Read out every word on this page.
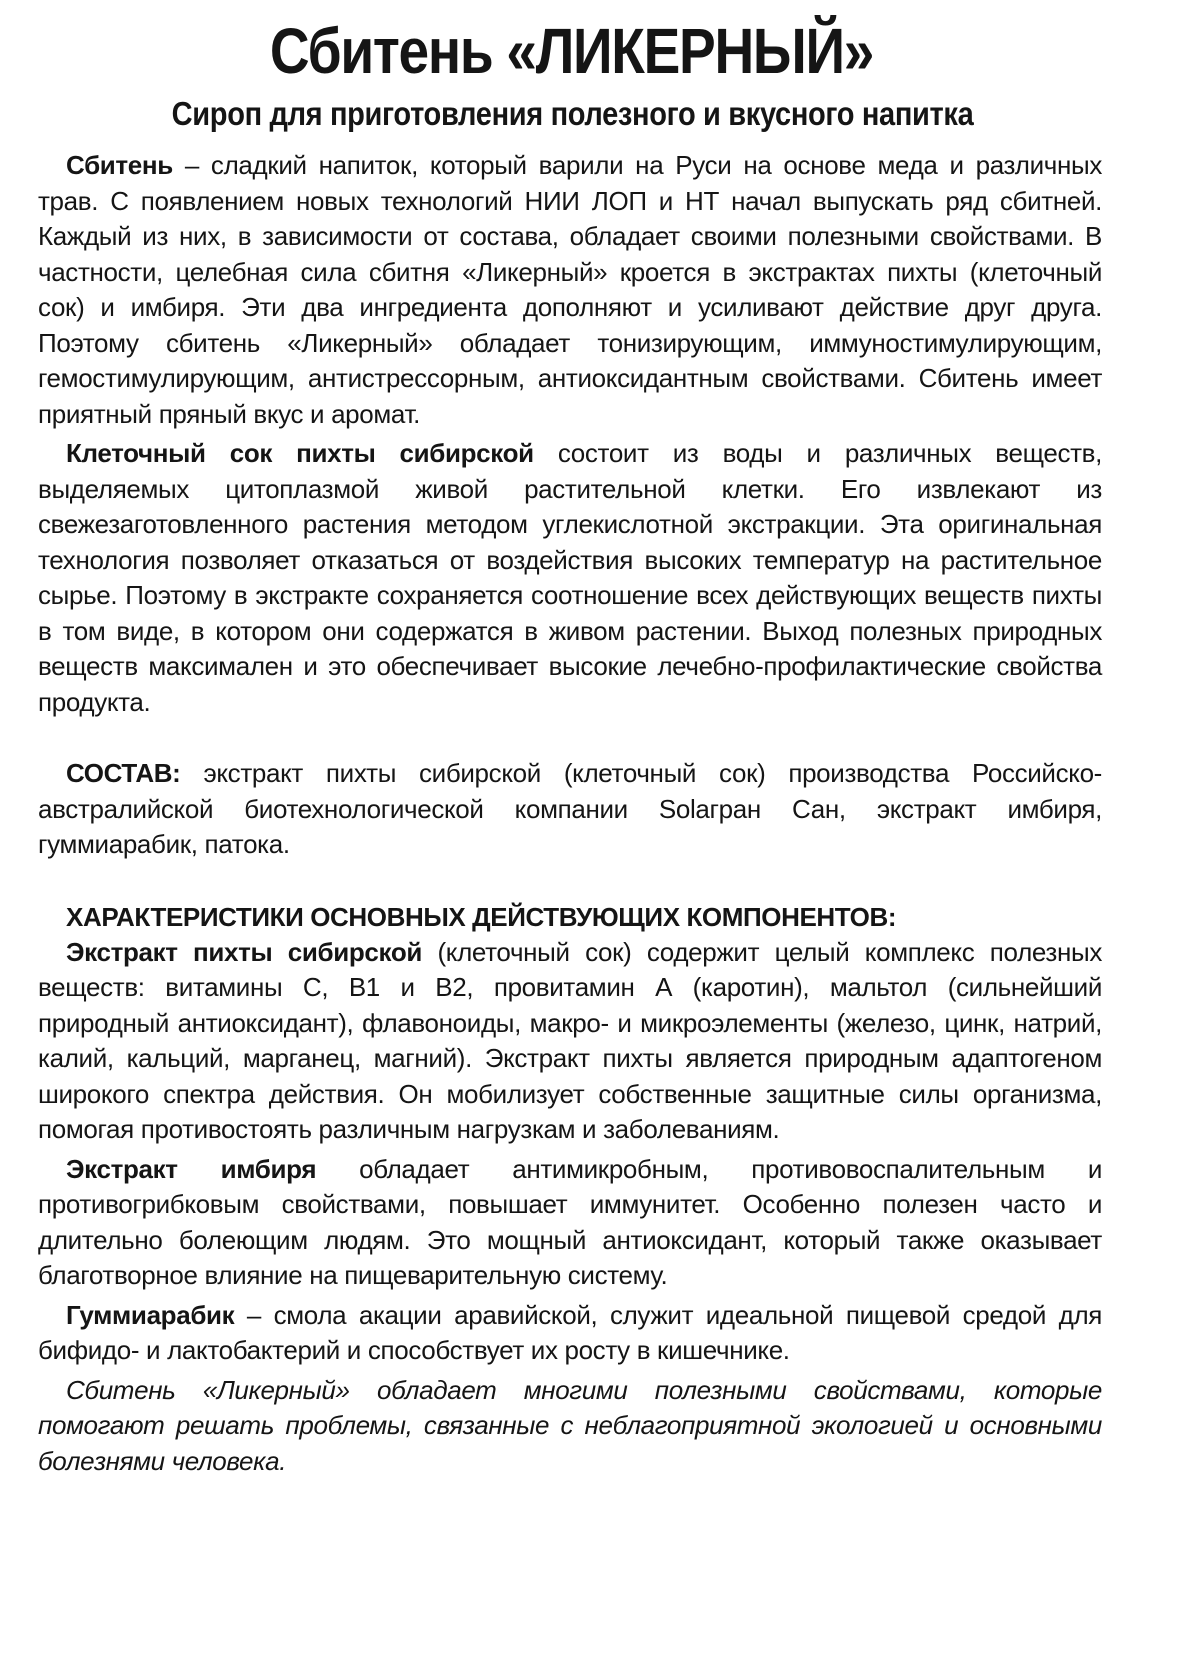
Сбитень «ЛИКЕРНЫЙ»
Сироп для приготовления полезного и вкусного напитка

Сбитень – сладкий напиток, который варили на Руси на основе меда и различных трав. С появлением новых технологий НИИ ЛОП и НТ начал выпускать ряд сбитней. Каждый из них, в зависимости от состава, обладает своими полезными свойствами. В частности, целебная сила сбитня «Ликерный» кроется в экстрактах пихты (клеточный сок) и имбиря. Эти два ингредиента дополняют и усиливают действие друг друга. Поэтому сбитень «Ликерный» обладает тонизирующим, иммуностимулирующим, гемостимулирующим, антистрессорным, антиоксидантным свойствами. Сбитень имеет приятный пряный вкус и аромат.

Клеточный сок пихты сибирской состоит из воды и различных веществ, выделяемых цитоплазмой живой растительной клетки. Его извлекают из свежезаготовленного растения методом углекислотной экстракции. Эта оригинальная технология позволяет отказаться от воздействия высоких температур на растительное сырье. Поэтому в экстракте сохраняется соотношение всех действующих веществ пихты в том виде, в котором они содержатся в живом растении. Выход полезных природных веществ максимален и это обеспечивает высокие лечебно-профилактические свойства продукта.

СОСТАВ: экстракт пихты сибирской (клеточный сок) производства Российско-австралийской биотехнологической компании Solaгран Сан, экстракт имбиря, гуммиарабик, патока.

ХАРАКТЕРИСТИКИ ОСНОВНЫХ ДЕЙСТВУЮЩИХ КОМПОНЕНТОВ:

Экстракт пихты сибирской (клеточный сок) содержит целый комплекс полезных веществ: витамины С, В1 и В2, провитамин А (каротин), мальтол (сильнейший природный антиоксидант), флавоноиды, макро- и микроэлементы (железо, цинк, натрий, калий, кальций, марганец, магний). Экстракт пихты является природным адаптогеном широкого спектра действия. Он мобилизует собственные защитные силы организма, помогая противостоять различным нагрузкам и заболеваниям.

Экстракт имбиря обладает антимикробным, противовоспалительным и противогрибковым свойствами, повышает иммунитет. Особенно полезен часто и длительно болеющим людям. Это мощный антиоксидант, который также оказывает благотворное влияние на пищеварительную систему.

Гуммиарабик – смола акации аравийской, служит идеальной пищевой средой для бифидо- и лактобактерий и способствует их росту в кишечнике.

Сбитень «Ликерный» обладает многими полезными свойствами, которые помогают решать проблемы, связанные с неблагоприятной экологией и основными болезнями человека.
